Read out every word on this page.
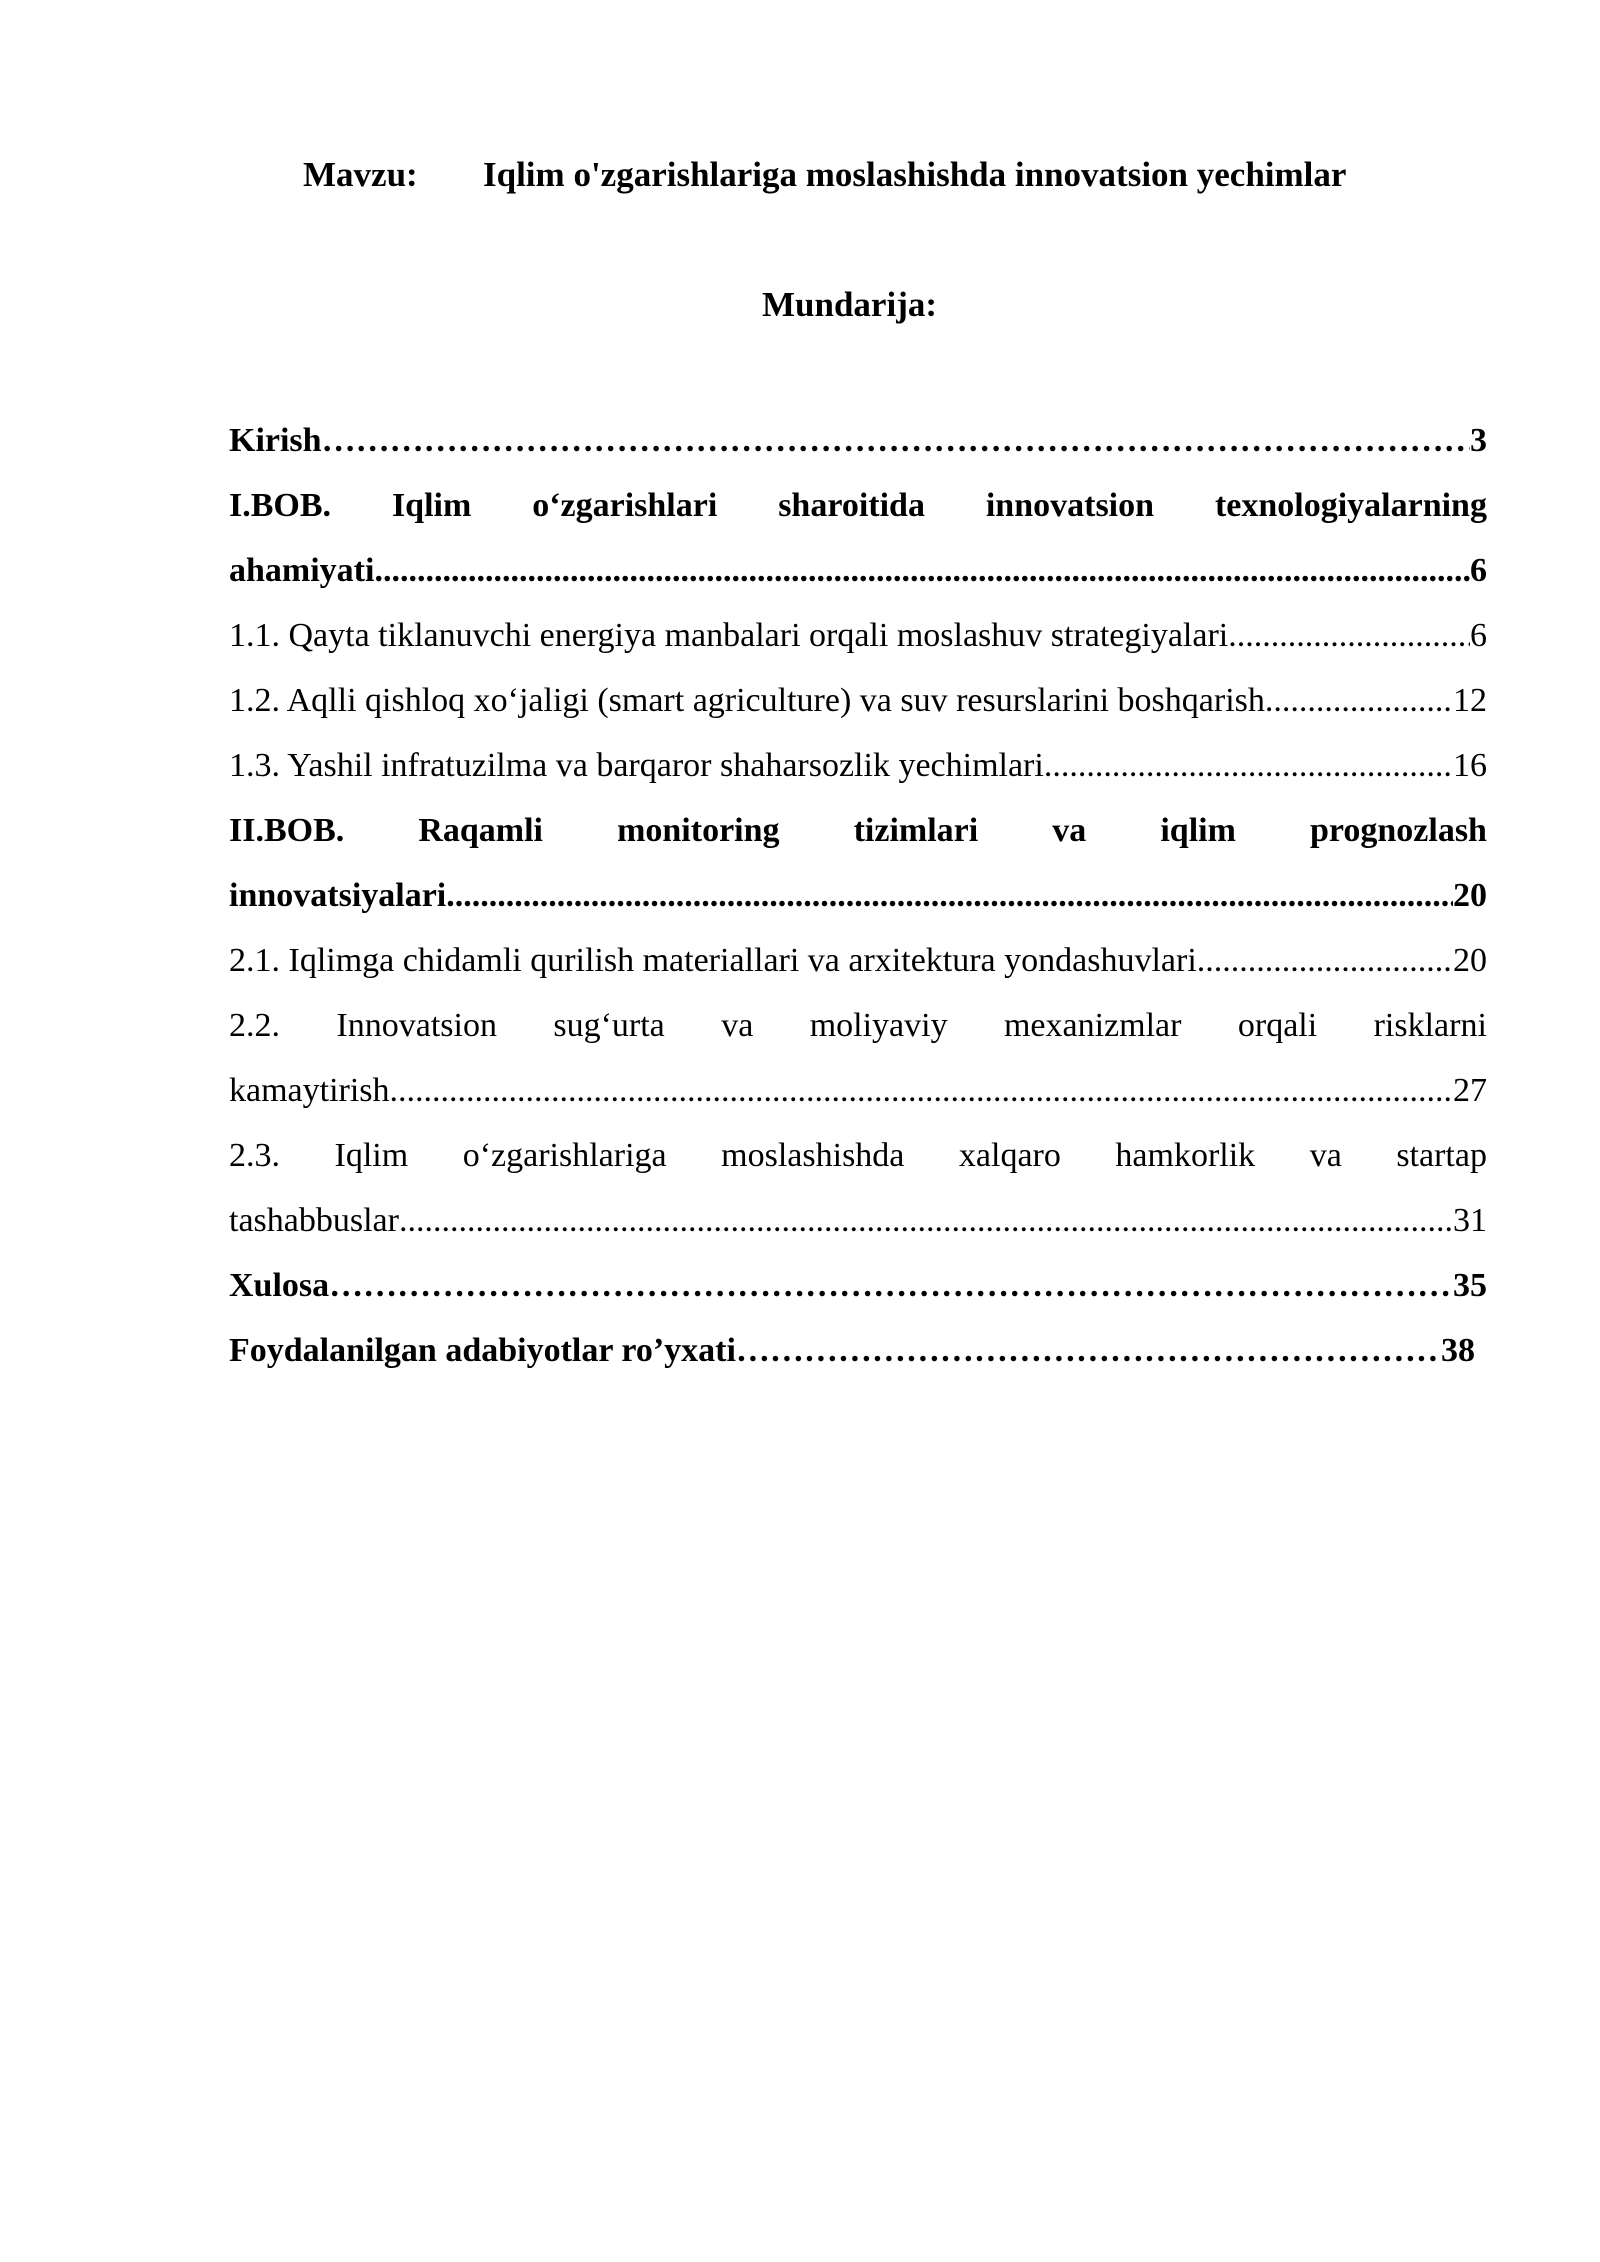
Mavzu: Iqlim o'zgarishlariga moslashishda innovatsion yechimlar
Mundarija:
Kirish ………………………………………………………………………………………………………………………………………………………………………………………	3
I.BOB. Iqlim o‘zgarishlari sharoitida innovatsion texnologiyalarning
ahamiyati .....	6
1.1. Qayta tiklanuvchi energiya manbalari orqali moslashuv strategiyalari .....	6
1.2. Aqlli qishloq xo‘jaligi (smart agriculture) va suv resurslarini boshqarish .....	12
1.3. Yashil infratuzilma va barqaror shaharsozlik yechimlari .....	16
II.BOB. Raqamli monitoring tizimlari va iqlim prognozlash
innovatsiyalari .....	20
2.1. Iqlimga chidamli qurilish materiallari va arxitektura yondashuvlari .....	20
2.2. Innovatsion sug‘urta va moliyaviy mexanizmlar orqali risklarni
kamaytirish .....	27
2.3. Iqlim o‘zgarishlariga moslashishda xalqaro hamkorlik va startap
tashabbuslar .....	31
Xulosa ………………………………………………………………………………………………………………………………………………………………………………………	35
Foydalanilgan adabiyotlar ro’yxati ………………………………………………………………………………………………………………………………………………………………………………………	38
